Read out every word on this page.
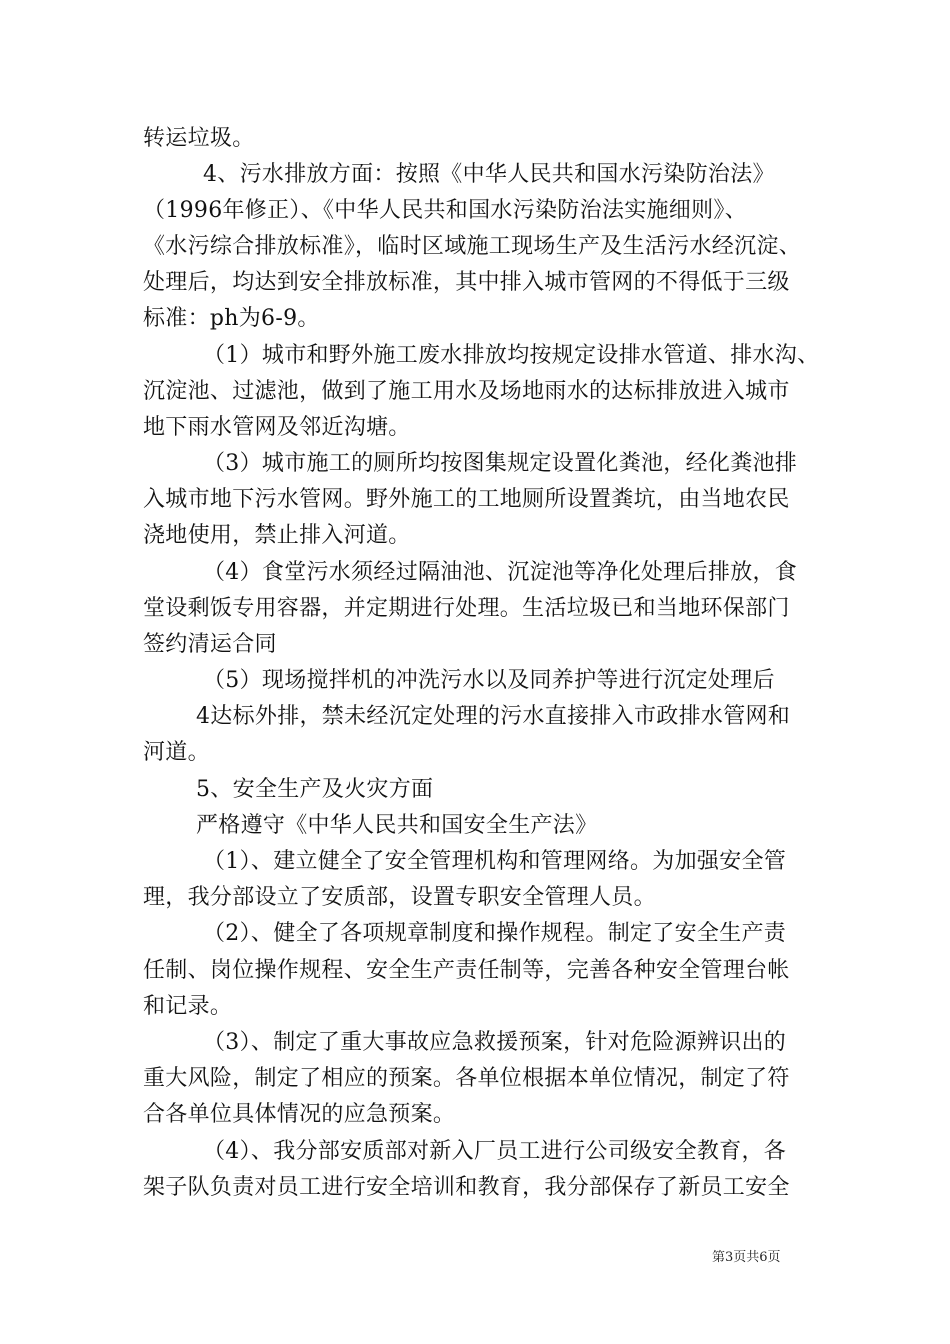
转运垃圾。
4、污水排放方面：按照《中华人民共和国水污染防治法》
（1996年修正）、《中华人民共和国水污染防治法实施细则》、
《水污综合排放标准》，临时区域施工现场生产及生活污水经沉淀、
处理后，均达到安全排放标准，其中排入城市管网的不得低于三级
标准：ph为6-9。
（1）城市和野外施工废水排放均按规定设排水管道、排水沟、
沉淀池、过滤池，做到了施工用水及场地雨水的达标排放进入城市
地下雨水管网及邻近沟塘。
（3）城市施工的厕所均按图集规定设置化粪池，经化粪池排
入城市地下污水管网。野外施工的工地厕所设置粪坑，由当地农民
浇地使用，禁止排入河道。
（4）食堂污水须经过隔油池、沉淀池等净化处理后排放，食
堂设剩饭专用容器，并定期进行处理。生活垃圾已和当地环保部门
签约清运合同
（5）现场搅拌机的冲洗污水以及同养护等进行沉定处理后
4达标外排，禁未经沉定处理的污水直接排入市政排水管网和
河道。
5、安全生产及火灾方面
严格遵守《中华人民共和国安全生产法》
（1）、建立健全了安全管理机构和管理网络。为加强安全管
理，我分部设立了安质部，设置专职安全管理人员。
（2）、健全了各项规章制度和操作规程。制定了安全生产责
任制、岗位操作规程、安全生产责任制等，完善各种安全管理台帐
和记录。
（3）、制定了重大事故应急救援预案，针对危险源辨识出的
重大风险，制定了相应的预案。各单位根据本单位情况，制定了符
合各单位具体情况的应急预案。
（4）、我分部安质部对新入厂员工进行公司级安全教育，各
架子队负责对员工进行安全培训和教育，我分部保存了新员工安全
第3页共6页
